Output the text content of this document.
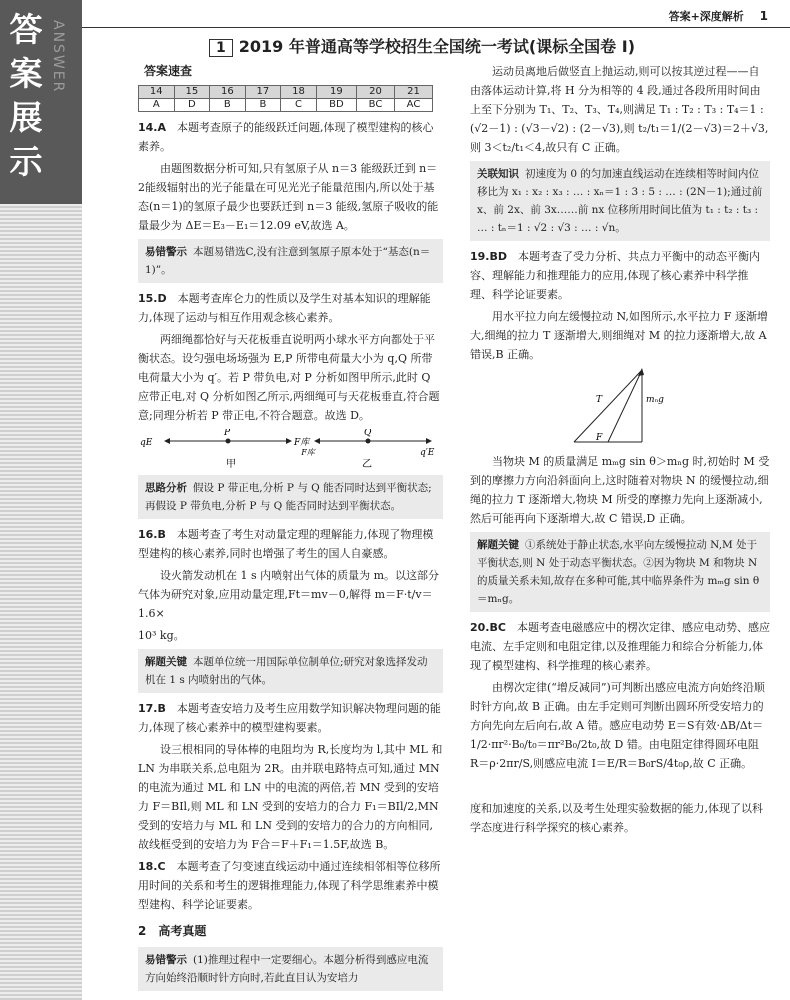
答案展示
ANSWER
答案+深度解析 1
1 2019 年普通高等学校招生全国统一考试(课标全国卷 Ⅰ)
答案速查
14	15	16	17	18	19	20	21
A	D	B	B	C	BD	BC	AC

14.A　 本题考查原子的能级跃迁问题,体现了模型建构的核心素养。

由题图数据分析可知,只有氢原子从 n＝3 能级跃迁到 n＝2能级辐射出的光子能量在可见光光子能量范围内,所以处于基态(n＝1)的氢原子最少也要跃迁到 n＝3 能级,氢原子吸收的能量最少为 ΔE＝E₃－E₁＝12.09 eV,故选 A。

易错警示 本题易错选C,没有注意到氢原子原本处于“基态(n＝1)”。

15.D　 本题考查库仑力的性质以及学生对基本知识的理解能力,体现了运动与相互作用观念核心素养。

两细绳都恰好与天花板垂直说明两小球水平方向都处于平衡状态。设匀强电场场强为 E,P 所带电荷量大小为 q,Q 所带电荷量大小为 q′。若 P 带负电,对 P 分析如图甲所示,此时 Q 应带正电,对 Q 分析如图乙所示,两细绳可与天花板垂直,符合题意;同理分析若 P 带正电,不符合题意。故选 D。

qE
P
F库
F库
Q
q′E
甲	乙
思路分析 假设 P 带正电,分析 P 与 Q 能否同时达到平衡状态;再假设 P 带负电,分析 P 与 Q 能否同时达到平衡状态。

16.B　 本题考查了考生对动量定理的理解能力,体现了物理模型建构的核心素养,同时也增强了考生的国人自豪感。

设火箭发动机在 1 s 内喷射出气体的质量为 m。以这部分气体为研究对象,应用动量定理,Ft＝mv－0,解得 m＝F·t/v＝1.6×

10³ kg。

解题关键 本题单位统一用国际单位制单位;研究对象选择发动机在 1 s 内喷射出的气体。

17.B　 本题考查安培力及考生应用数学知识解决物理问题的能力,体现了核心素养中的模型建构要素。

设三根相同的导体棒的电阻均为 R,长度均为 l,其中 ML 和 LN 为串联关系,总电阻为 2R。由并联电路特点可知,通过 MN 的电流为通过 ML 和 LN 中的电流的两倍,若 MN 受到的安培力 F＝BIl,则 ML 和 LN 受到的安培力的合力 F₁＝BIl/2,MN 受到的安培力与 ML 和 LN 受到的安培力的合力的方向相同,故线框受到的安培力为 F合＝F＋F₁＝1.5F,故选 B。

18.C　 本题考查了匀变速直线运动中通过连续相邻相等位移所用时间的关系和考生的逻辑推理能力,体现了科学思维素养中模型建构、科学论证要素。

2　高考真题
易错警示 (1)推理过程中一定要细心。本题分析得到感应电流方向始终沿顺时针方向时,若此直目认为安培力

运动员离地后做竖直上抛运动,则可以按其逆过程——自由落体运动计算,将 H 分为相等的 4 段,通过各段所用时间由上至下分别为 T₁、T₂、T₃、T₄,则满足 T₁ : T₂ : T₃ : T₄＝1 : (√2－1) : (√3－√2) : (2－√3),则 t₂/t₁＝1/(2－√3)＝2＋√3,则 3＜t₂/t₁＜4,故只有 C 正确。

关联知识 初速度为 0 的匀加速直线运动在连续相等时间内位移比为 x₁ : x₂ : x₃ : … : xₙ＝1 : 3 : 5 : … : (2N－1);通过前 x、前 2x、前 3x……前 nx 位移所用时间比值为 t₁ : t₂ : t₃ : … : tₙ＝1 : √2 : √3 : … : √n。

19.BD　 本题考查了受力分析、共点力平衡中的动态平衡内容、理解能力和推理能力的应用,体现了核心素养中科学推理、科学论证要素。

用水平拉力向左缓慢拉动 N,如图所示,水平拉力 F 逐渐增大,细绳的拉力 T 逐渐增大,则细绳对 M 的拉力逐渐增大,故 A 错误,B 正确。

T
F
mₙg

当物块 M 的质量满足 mₘg sin θ＞mₙg 时,初始时 M 受到的摩擦力方向沿斜面向上,这时随着对物块 N 的缓慢拉动,细绳的拉力 T 逐渐增大,物块 M 所受的摩擦力先向上逐渐减小,然后可能再向下逐渐增大,故 C 错误,D 正确。

解题关键 ①系统处于静止状态,水平向左缓慢拉动 N,M 处于平衡状态,则 N 处于动态平衡状态。②因为物块 M 和物块 N 的质量关系未知,故存在多种可能,其中临界条件为 mₘg sin θ＝mₙg。

20.BC　 本题考查电磁感应中的楞次定律、感应电动势、感应电流、左手定则和电阻定律,以及推理能力和综合分析能力,体现了模型建构、科学推理的核心素养。

由楞次定律(“增反减同”)可判断出感应电流方向始终沿顺时针方向,故 B 正确。由左手定则可判断出圆环所受安培力的方向先向左后向右,故 A 错。感应电动势 E＝S有效·ΔB/Δt＝1/2·πr²·B₀/t₀＝πr²B₀/2t₀,故 D 错。由电阻定律得圆环电阻 R＝ρ·2πr/S,则感应电流 I＝E/R＝B₀rS/4t₀ρ,故 C 正确。

度和加速度的关系,以及考生处理实验数据的能力,体现了以科学态度进行科学探究的核心素养。
